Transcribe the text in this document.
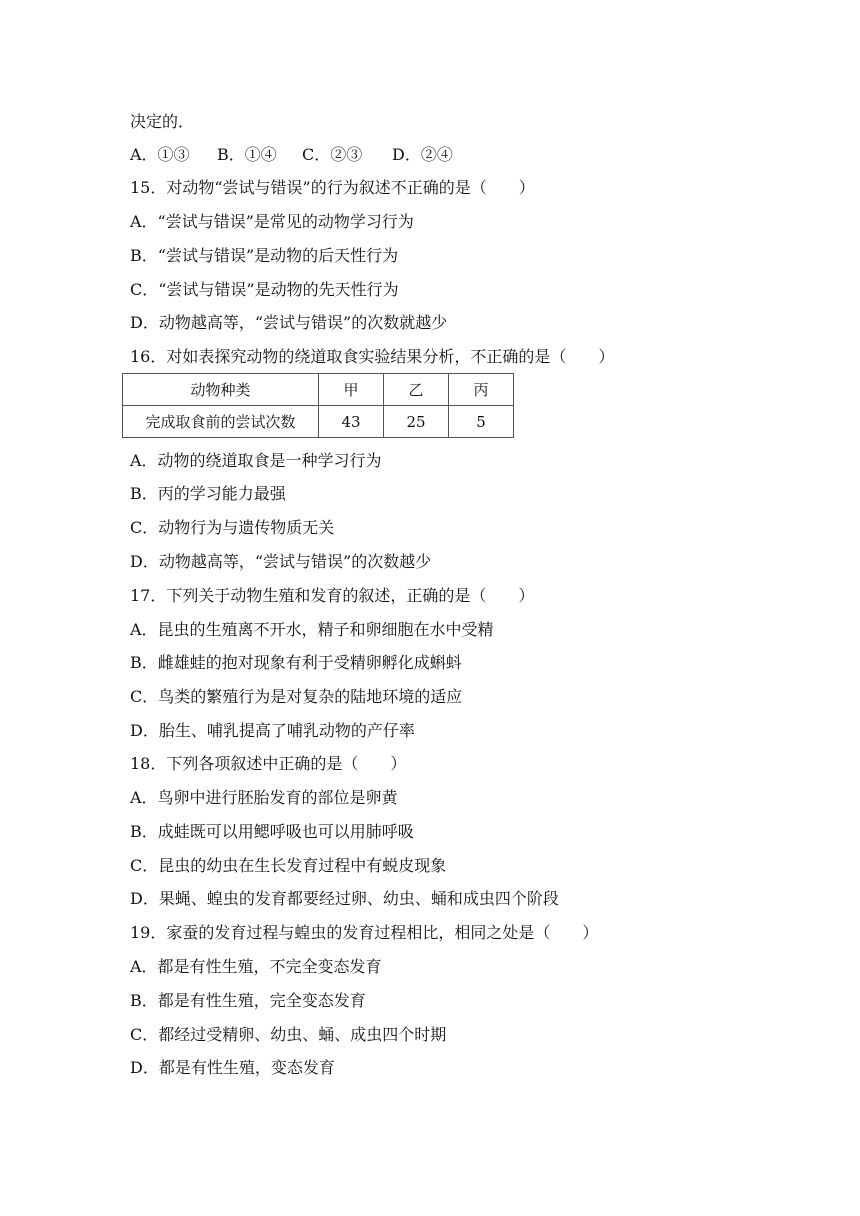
决定的．
A．①③ B．①④ C．②③ D．②④
15．对动物“尝试与错误”的行为叙述不正确的是（　　）
A．“尝试与错误”是常见的动物学习行为
B．“尝试与错误”是动物的后天性行为
C．“尝试与错误”是动物的先天性行为
D．动物越高等，“尝试与错误”的次数就越少
16．对如表探究动物的绕道取食实验结果分析，不正确的是（　　）
动物种类	甲	乙	丙
完成取食前的尝试次数	43	25	5
A．动物的绕道取食是一种学习行为
B．丙的学习能力最强
C．动物行为与遗传物质无关
D．动物越高等，“尝试与错误”的次数越少
17．下列关于动物生殖和发育的叙述，正确的是（　　）
A．昆虫的生殖离不开水，精子和卵细胞在水中受精
B．雌雄蛙的抱对现象有利于受精卵孵化成蝌蚪
C．鸟类的繁殖行为是对复杂的陆地环境的适应
D．胎生、哺乳提高了哺乳动物的产仔率
18．下列各项叙述中正确的是（　　）
A．鸟卵中进行胚胎发育的部位是卵黄
B．成蛙既可以用鳃呼吸也可以用肺呼吸
C．昆虫的幼虫在生长发育过程中有蜕皮现象
D．果蝇、蝗虫的发育都要经过卵、幼虫、蛹和成虫四个阶段
19．家蚕的发育过程与蝗虫的发育过程相比，相同之处是（　　）
A．都是有性生殖，不完全变态发育
B．都是有性生殖，完全变态发育
C．都经过受精卵、幼虫、蛹、成虫四个时期
D．都是有性生殖，变态发育
